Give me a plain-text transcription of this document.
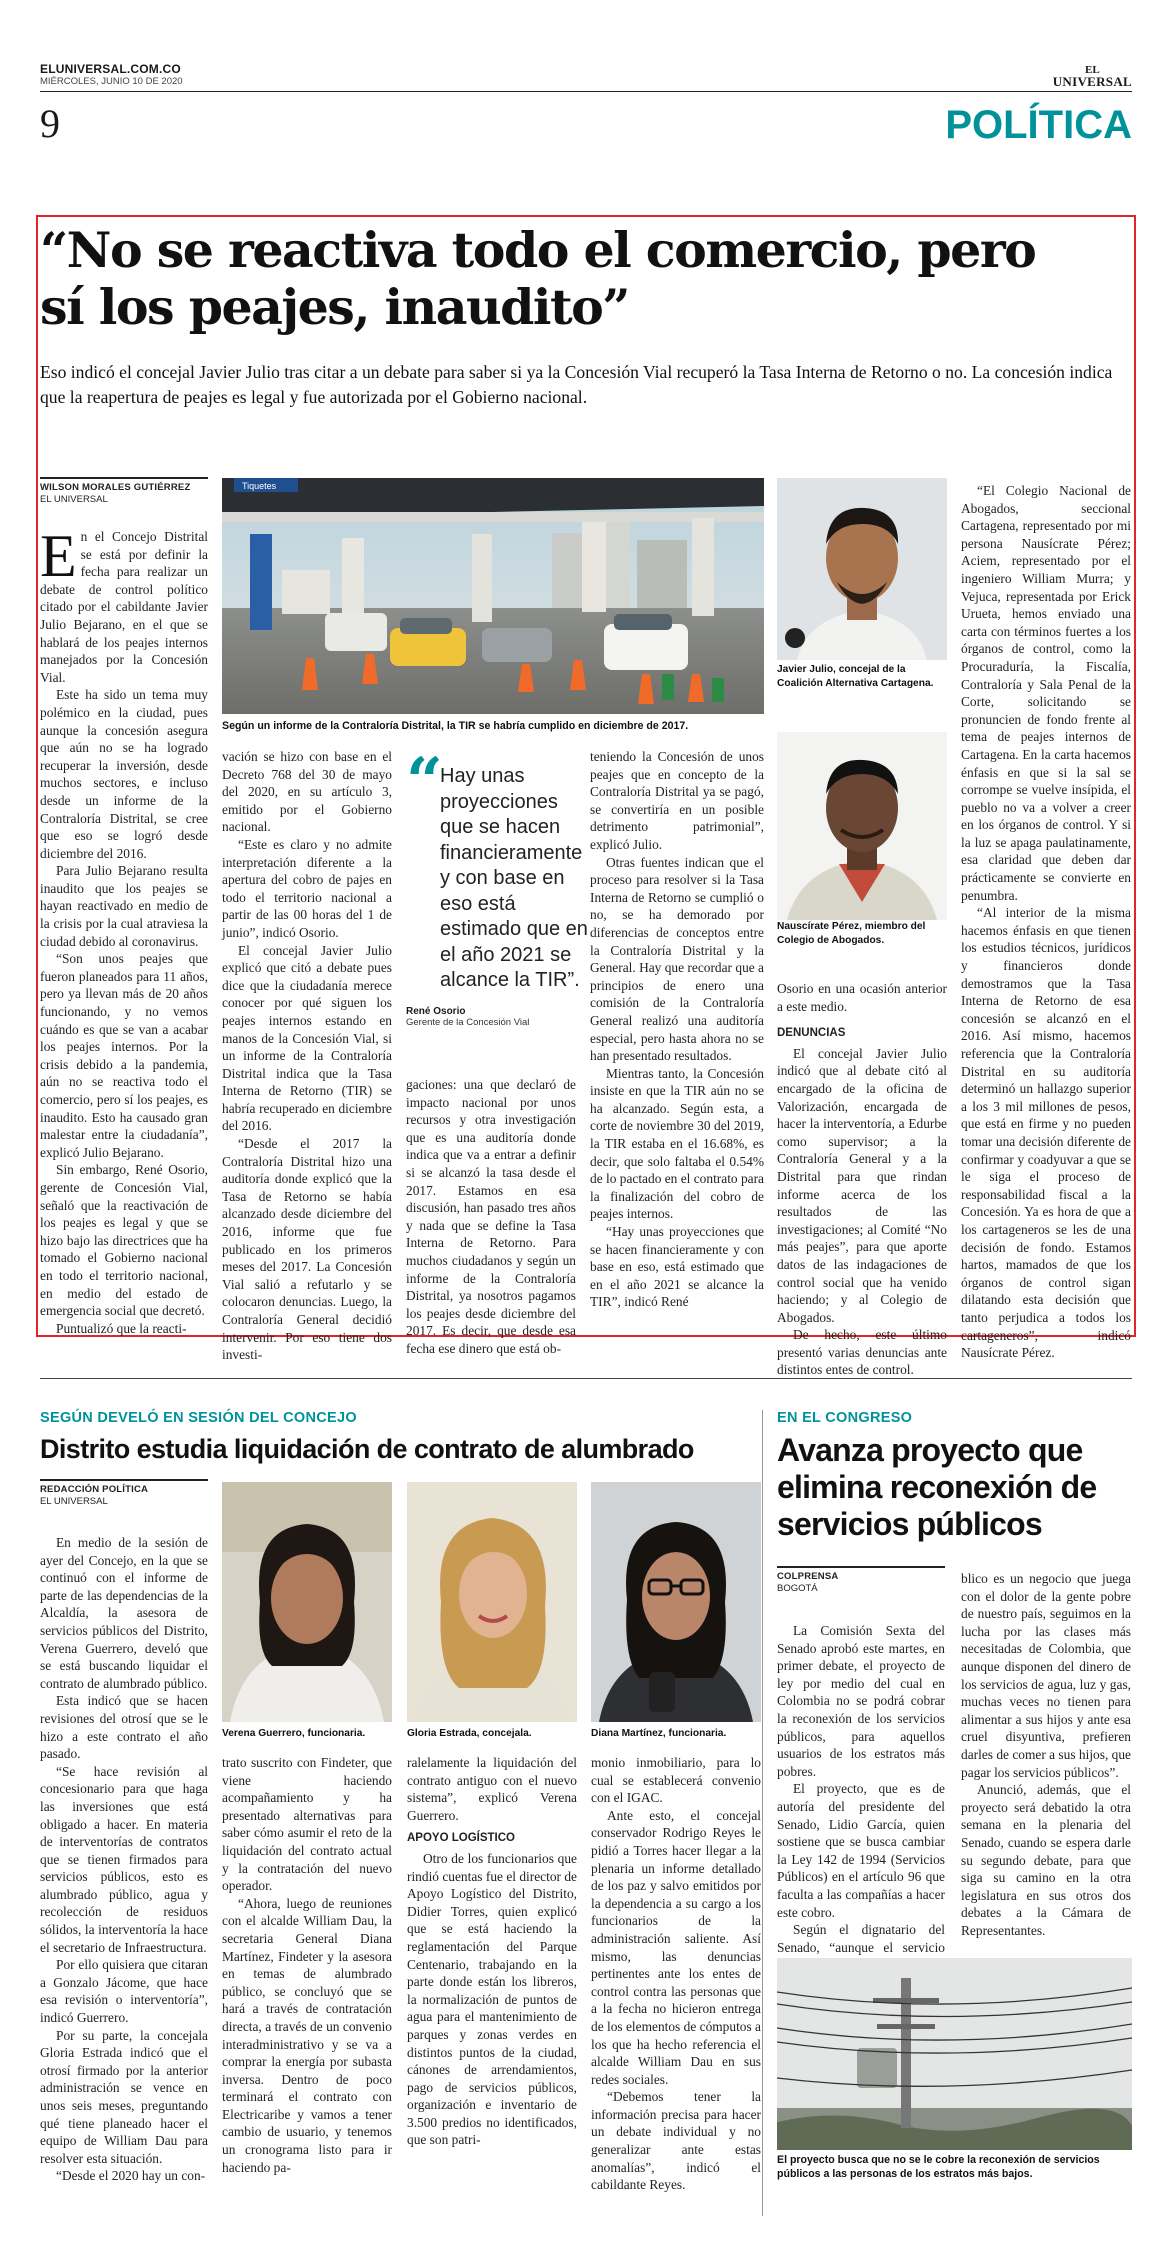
ELUNIVERSAL.COM.CO
MIÉRCOLES, JUNIO 10 DE 2020
EL
UNIVERSAL
9	POLÍTICA
“No se reactiva todo el comercio, pero sí los peajes, inaudito”
Eso indicó el concejal Javier Julio tras citar a un debate para saber si ya la Concesión Vial recuperó la Tasa Interna de Retorno o no. La concesión indica que la reapertura de peajes es legal y fue autorizada por el Gobierno nacional.
WILSON MORALES GUTIÉRREZ
EL UNIVERSAL
E n el Concejo Distrital se está por definir la fecha para realizar un debate de control político citado por el cabildante Javier Julio Bejarano, en el que se hablará de los peajes internos manejados por la Concesión Vial.

Este ha sido un tema muy polémico en la ciudad, pues aunque la concesión asegura que aún no se ha logrado recuperar la inversión, desde muchos sectores, e incluso desde un informe de la Contraloría Distrital, se cree que eso se logró desde diciembre del 2016.

Para Julio Bejarano resulta inaudito que los peajes se hayan reactivado en medio de la crisis por la cual atraviesa la ciudad debido al coronavirus.

“Son unos peajes que fueron planeados para 11 años, pero ya llevan más de 20 años funcionando, y no vemos cuándo es que se van a acabar los peajes internos. Por la crisis debido a la pandemia, aún no se reactiva todo el comercio, pero sí los peajes, es inaudito. Esto ha causado gran malestar entre la ciudadanía”, explicó Julio Bejarano.

Sin embargo, René Osorio, gerente de Concesión Vial, señaló que la reactivación de los peajes es legal y que se hizo bajo las directrices que ha tomado el Gobierno nacional en todo el territorio nacional, en medio del estado de emergencia social que decretó.

Puntualizó que la reacti-

Tiquetes
Según un informe de la Contraloría Distrital, la TIR se habría cumplido en diciembre de 2017.

vación se hizo con base en el Decreto 768 del 30 de mayo del 2020, en su artículo 3, emitido por el Gobierno nacional.

“Este es claro y no admite interpretación diferente a la apertura del cobro de pajes en todo el territorio nacional a partir de las 00 horas del 1 de junio”, indicó Osorio.

El concejal Javier Julio explicó que citó a debate pues dice que la ciudadanía merece conocer por qué siguen los peajes internos estando en manos de la Concesión Vial, si un informe de la Contraloría Distrital indica que la Tasa Interna de Retorno (TIR) se habría recuperado en diciembre del 2016.

“Desde el 2017 la Contraloría Distrital hizo una auditoría donde explicó que la Tasa de Retorno se había alcanzado desde diciembre del 2016, informe que fue publicado en los primeros meses del 2017. La Concesión Vial salió a refutarlo y se colocaron denuncias. Luego, la Contraloría General decidió intervenir. Por eso tiene dos investi-

“
Hay unas proyecciones que se hacen financieramente y con base en eso está estimado que en el año 2021 se alcance la TIR”.
René Osorio
Gerente de la Concesión Vial

gaciones: una que declaró de impacto nacional por unos recursos y otra investigación que es una auditoría donde indica que va a entrar a definir si se alcanzó la tasa desde el 2017. Estamos en esa discusión, han pasado tres años y nada que se define la Tasa Interna de Retorno. Para muchos ciudadanos y según un informe de la Contraloría Distrital, ya nosotros pagamos los peajes desde diciembre del 2017. Es decir, que desde esa fecha ese dinero que está ob-

teniendo la Concesión de unos peajes que en concepto de la Contraloría Distrital ya se pagó, se convertiría en un posible detrimento patrimonial”, explicó Julio.

Otras fuentes indican que el proceso para resolver si la Tasa Interna de Retorno se cumplió o no, se ha demorado por diferencias de conceptos entre la Contraloría Distrital y la General. Hay que recordar que a principios de enero una comisión de la Contraloría General realizó una auditoría especial, pero hasta ahora no se han presentado resultados.

Mientras tanto, la Concesión insiste en que la TIR aún no se ha alcanzado. Según esta, a corte de noviembre 30 del 2019, la TIR estaba en el 16.68%, es decir, que solo faltaba el 0.54% de lo pactado en el contrato para la finalización del cobro de peajes internos.

“Hay unas proyecciones que se hacen financieramente y con base en eso, está estimado que en el año 2021 se alcance la TIR”, indicó René

Javier Julio, concejal de la Coalición Alternativa Cartagena.
Nauscírate Pérez, miembro del Colegio de Abogados.

Osorio en una ocasión anterior a este medio.

DENUNCIAS

El concejal Javier Julio indicó que al debate citó al encargado de la oficina de Valorización, encargada de hacer la interventoría, a Edurbe como supervisor; a la Contraloría General y a la Distrital para que rindan informe acerca de los resultados de las investigaciones; al Comité “No más peajes”, para que aporte datos de las indagaciones de control social que ha venido haciendo; y al Colegio de Abogados.

De hecho, este último presentó varias denuncias ante distintos entes de control.

“El Colegio Nacional de Abogados, seccional Cartagena, representado por mi persona Nausícrate Pérez; Aciem, representado por el ingeniero William Murra; y Vejuca, representada por Erick Urueta, hemos enviado una carta con términos fuertes a los órganos de control, como la Procuraduría, la Fiscalía, Contraloría y Sala Penal de la Corte, solicitando se pronuncien de fondo frente al tema de peajes internos de Cartagena. En la carta hacemos énfasis en que si la sal se corrompe se vuelve insípida, el pueblo no va a volver a creer en los órganos de control. Y si la luz se apaga paulatinamente, esa claridad que deben dar prácticamente se convierte en penumbra.

“Al interior de la misma hacemos énfasis en que tienen los estudios técnicos, jurídicos y financieros donde demostramos que la Tasa Interna de Retorno de esa concesión se alcanzó en el 2016. Así mismo, hacemos referencia que la Contraloría Distrital en su auditoría determinó un hallazgo superior a los 3 mil millones de pesos, que está en firme y no pueden tomar una decisión diferente de confirmar y coadyuvar a que se le siga el proceso de responsabilidad fiscal a la Concesión. Ya es hora de que a los cartageneros se les de una decisión de fondo. Estamos hartos, mamados de que los órganos de control sigan dilatando esta decisión que tanto perjudica a todos los cartageneros”, indicó Nausícrate Pérez.

SEGÚN DEVELÓ EN SESIÓN DEL CONCEJO
Distrito estudia liquidación de contrato de alumbrado
REDACCIÓN POLÍTICA
EL UNIVERSAL

En medio de la sesión de ayer del Concejo, en la que se continuó con el informe de parte de las dependencias de la Alcaldía, la asesora de servicios públicos del Distrito, Verena Guerrero, develó que se está buscando liquidar el contrato de alumbrado público.

Esta indicó que se hacen revisiones del otrosí que se le hizo a este contrato el año pasado.

“Se hace revisión al concesionario para que haga las inversiones que está obligado a hacer. En materia de interventorías de contratos que se tienen firmados para servicios públicos, esto es alumbrado público, agua y recolección de residuos sólidos, la interventoría la hace el secretario de Infraestructura.

Por ello quisiera que citaran a Gonzalo Jácome, que hace esa revisión o interventoría”, indicó Guerrero.

Por su parte, la concejala Gloria Estrada indicó que el otrosí firmado por la anterior administración se vence en unos seis meses, preguntando qué tiene planeado hacer el equipo de William Dau para resolver esta situación.

“Desde el 2020 hay un con-

Verena Guerrero, funcionaria.	Gloria Estrada, concejala.	Diana Martínez, funcionaria.

trato suscrito con Findeter, que viene haciendo acompañamiento y ha presentado alternativas para saber cómo asumir el reto de la liquidación del contrato actual y la contratación del nuevo operador.

“Ahora, luego de reuniones con el alcalde William Dau, la secretaria General Diana Martínez, Findeter y la asesora en temas de alumbrado público, se concluyó que se hará a través de contratación directa, a través de un convenio interadministrativo y se va a comprar la energía por subasta inversa. Dentro de poco terminará el contrato con Electricaribe y vamos a tener cambio de usuario, y tenemos un cronograma listo para ir haciendo pa-

ralelamente la liquidación del contrato antiguo con el nuevo sistema”, explicó Verena Guerrero.

APOYO LOGÍSTICO

Otro de los funcionarios que rindió cuentas fue el director de Apoyo Logístico del Distrito, Didier Torres, quien explicó que se está haciendo la reglamentación del Parque Centenario, trabajando en la parte donde están los libreros, la normalización de puntos de agua para el mantenimiento de parques y zonas verdes en distintos puntos de la ciudad, cánones de arrendamientos, pago de servicios públicos, organización e inventario de 3.500 predios no identificados, que son patri-

monio inmobiliario, para lo cual se establecerá convenio con el IGAC.

Ante esto, el concejal conservador Rodrigo Reyes le pidió a Torres hacer llegar a la plenaria un informe detallado de los paz y salvo emitidos por la dependencia a su cargo a los funcionarios de la administración saliente. Así mismo, las denuncias pertinentes ante los entes de control contra las personas que a la fecha no hicieron entrega de los elementos de cómputos a los que ha hecho referencia el alcalde William Dau en sus redes sociales.

“Debemos tener la información precisa para hacer un debate individual y no generalizar ante estas anomalías”, indicó el cabildante Reyes.

EN EL CONGRESO
Avanza proyecto que elimina reconexión de servicios públicos
COLPRENSA
BOGOTÁ

La Comisión Sexta del Senado aprobó este martes, en primer debate, el proyecto de ley por medio del cual en Colombia no se podrá cobrar la reconexión de los servicios públicos, para aquellos usuarios de los estratos más pobres.

El proyecto, que es de autoría del presidente del Senado, Lidio García, quien sostiene que se busca cambiar la Ley 142 de 1994 (Servicios Públicos) en el artículo 96 que faculta a las compañías a hacer este cobro.

Según el dignatario del Senado, “aunque el servicio

blico es un negocio que juega con el dolor de la gente pobre de nuestro país, seguimos en la lucha por las clases más necesitadas de Colombia, que aunque disponen del dinero de los servicios de agua, luz y gas, muchas veces no tienen para alimentar a sus hijos y ante esa cruel disyuntiva, prefieren darles de comer a sus hijos, que pagar los servicios públicos”.

Anunció, además, que el proyecto será debatido la otra semana en la plenaria del Senado, cuando se espera darle su segundo debate, para que siga su camino en la otra legislatura en sus otros dos debates a la Cámara de Representantes.

El proyecto busca que no se le cobre la reconexión de servicios públicos a las personas de los estratos más bajos.
